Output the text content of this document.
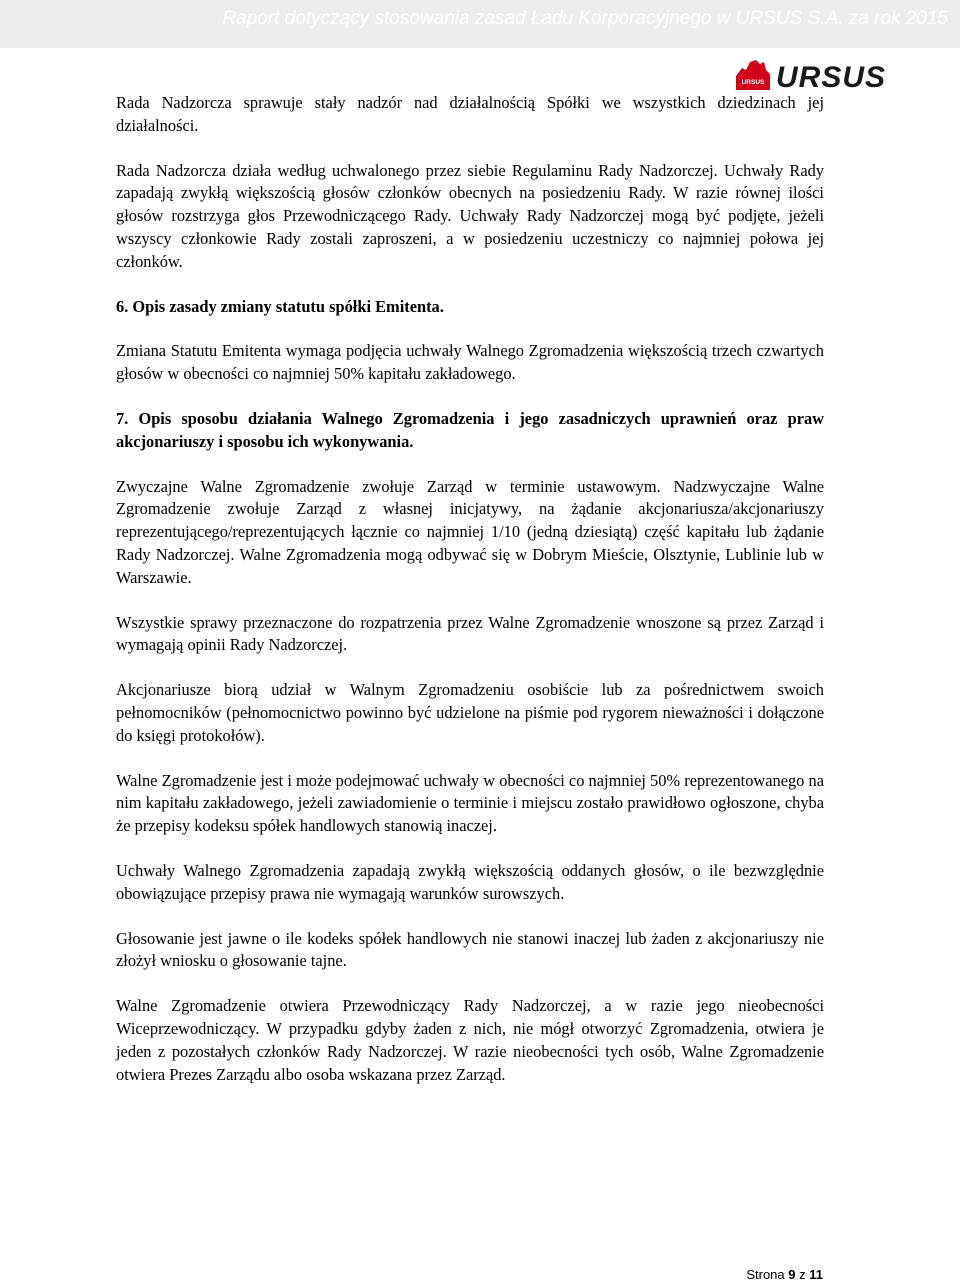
Raport dotyczący stosowania zasad Ładu Korporacyjnego w URSUS S.A. za rok 2015
URSUS URSUS

Rada Nadzorcza sprawuje stały nadzór nad działalnością Spółki we wszystkich dziedzinach jej działalności.

Rada Nadzorcza działa według uchwalonego przez siebie Regulaminu Rady Nadzorczej. Uchwały Rady zapadają zwykłą większością głosów członków obecnych na posiedzeniu Rady. W razie równej ilości głosów rozstrzyga głos Przewodniczącego Rady. Uchwały Rady Nadzorczej mogą być podjęte, jeżeli wszyscy członkowie Rady zostali zaproszeni, a w posiedzeniu uczestniczy co najmniej połowa jej członków.

6. Opis zasady zmiany statutu spółki Emitenta.

Zmiana Statutu Emitenta wymaga podjęcia uchwały Walnego Zgromadzenia większością trzech czwartych głosów w obecności co najmniej 50% kapitału zakładowego.

7. Opis sposobu działania Walnego Zgromadzenia i jego zasadniczych uprawnień oraz praw akcjonariuszy i sposobu ich wykonywania.

Zwyczajne Walne Zgromadzenie zwołuje Zarząd w terminie ustawowym. Nadzwyczajne Walne Zgromadzenie zwołuje Zarząd z własnej inicjatywy, na żądanie akcjonariusza/akcjonariuszy reprezentującego/reprezentujących łącznie co najmniej 1/10 (jedną dziesiątą) część kapitału lub żądanie Rady Nadzorczej. Walne Zgromadzenia mogą odbywać się w Dobrym Mieście, Olsztynie, Lublinie lub w Warszawie.

Wszystkie sprawy przeznaczone do rozpatrzenia przez Walne Zgromadzenie wnoszone są przez Zarząd i wymagają opinii Rady Nadzorczej.

Akcjonariusze biorą udział w Walnym Zgromadzeniu osobiście lub za pośrednictwem swoich pełnomocników (pełnomocnictwo powinno być udzielone na piśmie pod rygorem nieważności i dołączone do księgi protokołów).

Walne Zgromadzenie jest i może podejmować uchwały w obecności co najmniej 50% reprezentowanego na nim kapitału zakładowego, jeżeli zawiadomienie o terminie i miejscu zostało prawidłowo ogłoszone, chyba że przepisy kodeksu spółek handlowych stanowią inaczej.

Uchwały Walnego Zgromadzenia zapadają zwykłą większością oddanych głosów, o ile bezwzględnie obowiązujące przepisy prawa nie wymagają warunków surowszych.

Głosowanie jest jawne o ile kodeks spółek handlowych nie stanowi inaczej lub żaden z akcjonariuszy nie złożył wniosku o głosowanie tajne.

Walne Zgromadzenie otwiera Przewodniczący Rady Nadzorczej, a w razie jego nieobecności Wiceprzewodniczący. W przypadku gdyby żaden z nich, nie mógł otworzyć Zgromadzenia, otwiera je jeden z pozostałych członków Rady Nadzorczej. W razie nieobecności tych osób, Walne Zgromadzenie otwiera Prezes Zarządu albo osoba wskazana przez Zarząd.

Strona 9 z 11
